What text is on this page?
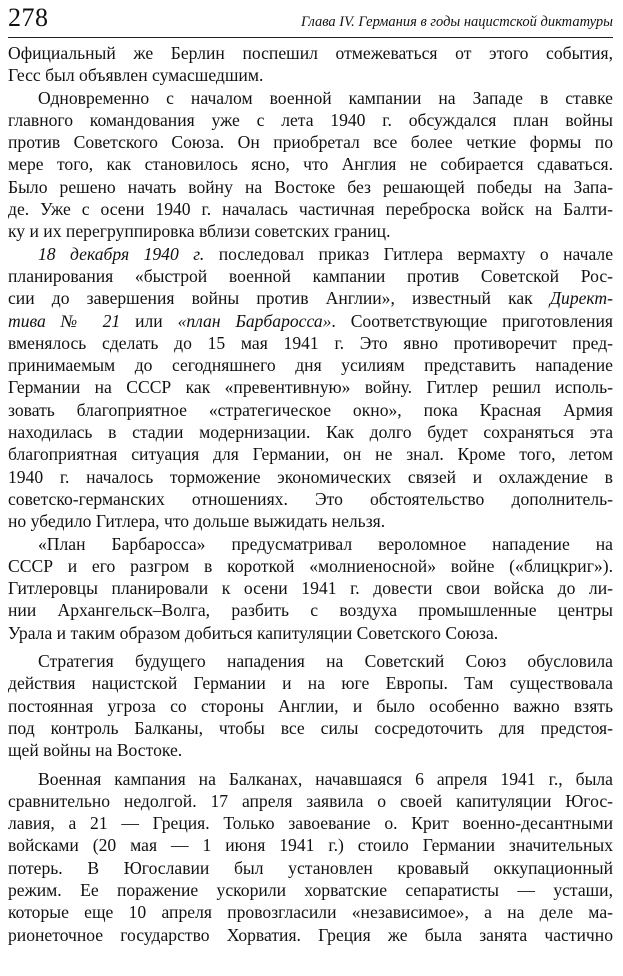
278	Глава IV. Германия в годы нацистской диктатуры
Официальный же Берлин поспешил отмежеваться от этого события,
Гесс был объявлен сумасшедшим.
Одновременно с началом военной кампании на Западе в ставке
главного командования уже с лета 1940 г. обсуждался план войны
против Советского Союза. Он приобретал все более четкие формы по
мере того, как становилось ясно, что Англия не собирается сдаваться.
Было решено начать войну на Востоке без решающей победы на Запа-
де. Уже с осени 1940 г. началась частичная переброска войск на Балти-
ку и их перегруппировка вблизи советских границ.
18 декабря 1940 г. последовал приказ Гитлера вермахту о начале
планирования «быстрой военной кампании против Советской Рос-
сии до завершения войны против Англии», известный как Директ-
тива № 21 или «план Барбаросса». Соответствующие приготовления
вменялось сделать до 15 мая 1941 г. Это явно противоречит пред-
принимаемым до сегодняшнего дня усилиям представить нападение
Германии на СССР как «превентивную» войну. Гитлер решил исполь-
зовать благоприятное «стратегическое окно», пока Красная Армия
находилась в стадии модернизации. Как долго будет сохраняться эта
благоприятная ситуация для Германии, он не знал. Кроме того, летом
1940 г. началось торможение экономических связей и охлаждение в
советско-германских отношениях. Это обстоятельство дополнитель-
но убедило Гитлера, что дольше выжидать нельзя.
«План Барбаросса» предусматривал вероломное нападение на
СССР и его разгром в короткой «молниеносной» войне («блицкриг»).
Гитлеровцы планировали к осени 1941 г. довести свои войска до ли-
нии Архангельск–Волга, разбить с воздуха промышленные центры
Урала и таким образом добиться капитуляции Советского Союза.
Стратегия будущего нападения на Советский Союз обусловила
действия нацистской Германии и на юге Европы. Там существовала
постоянная угроза со стороны Англии, и было особенно важно взять
под контроль Балканы, чтобы все силы сосредоточить для предстоя-
щей войны на Востоке.
Военная кампания на Балканах, начавшаяся 6 апреля 1941 г., была
сравнительно недолгой. 17 апреля заявила о своей капитуляции Югос-
лавия, а 21 — Греция. Только завоевание о. Крит военно-десантными
войсками (20 мая — 1 июня 1941 г.) стоило Германии значительных
потерь. В Югославии был установлен кровавый оккупационный
режим. Ее поражение ускорили хорватские сепаратисты — усташи,
которые еще 10 апреля провозгласили «независимое», а на деле ма-
рионеточное государство Хорватия. Греция же была занята частично
